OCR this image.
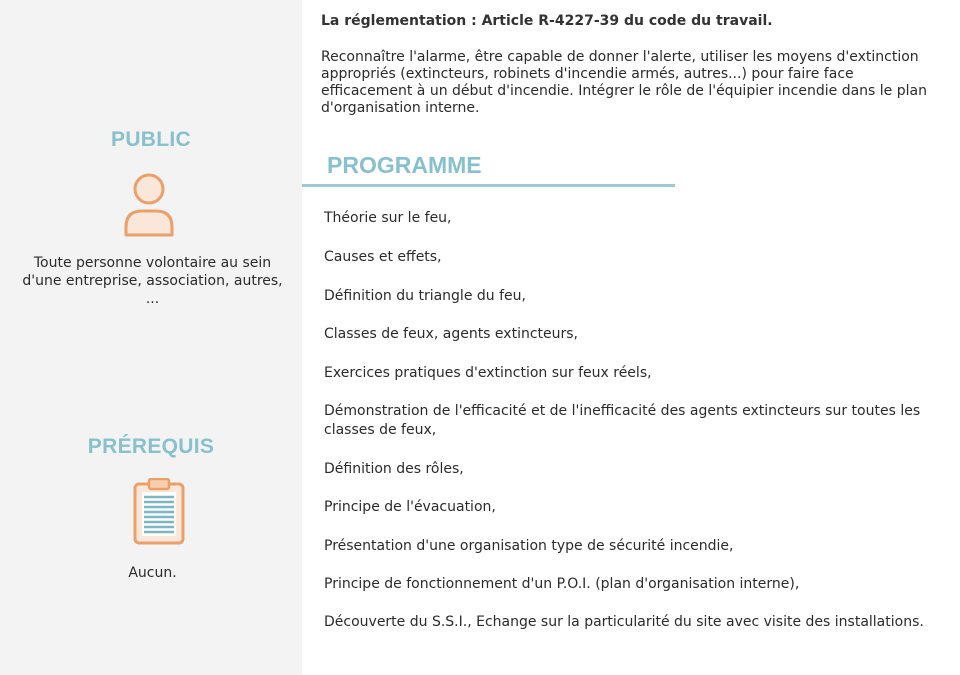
PUBLIC
Toute personne volontaire au sein d'une entreprise, association, autres, ...
PRÉREQUIS
Aucun.
La réglementation : Article R-4227-39 du code du travail.
Reconnaître l'alarme, être capable de donner l'alerte, utiliser les moyens d'extinction appropriés (extincteurs, robinets d'incendie armés, autres...) pour faire face efficacement à un début d'incendie. Intégrer le rôle de l'équipier incendie dans le plan d'organisation interne.
PROGRAMME
Théorie sur le feu,
Causes et effets,
Définition du triangle du feu,
Classes de feux, agents extincteurs,
Exercices pratiques d'extinction sur feux réels,
Démonstration de l'efficacité et de l'inefficacité des agents extincteurs sur toutes les classes de feux,
Définition des rôles,
Principe de l'évacuation,
Présentation d'une organisation type de sécurité incendie,
Principe de fonctionnement d'un P.O.I. (plan d'organisation interne),
Découverte du S.S.I., Echange sur la particularité du site avec visite des installations.
